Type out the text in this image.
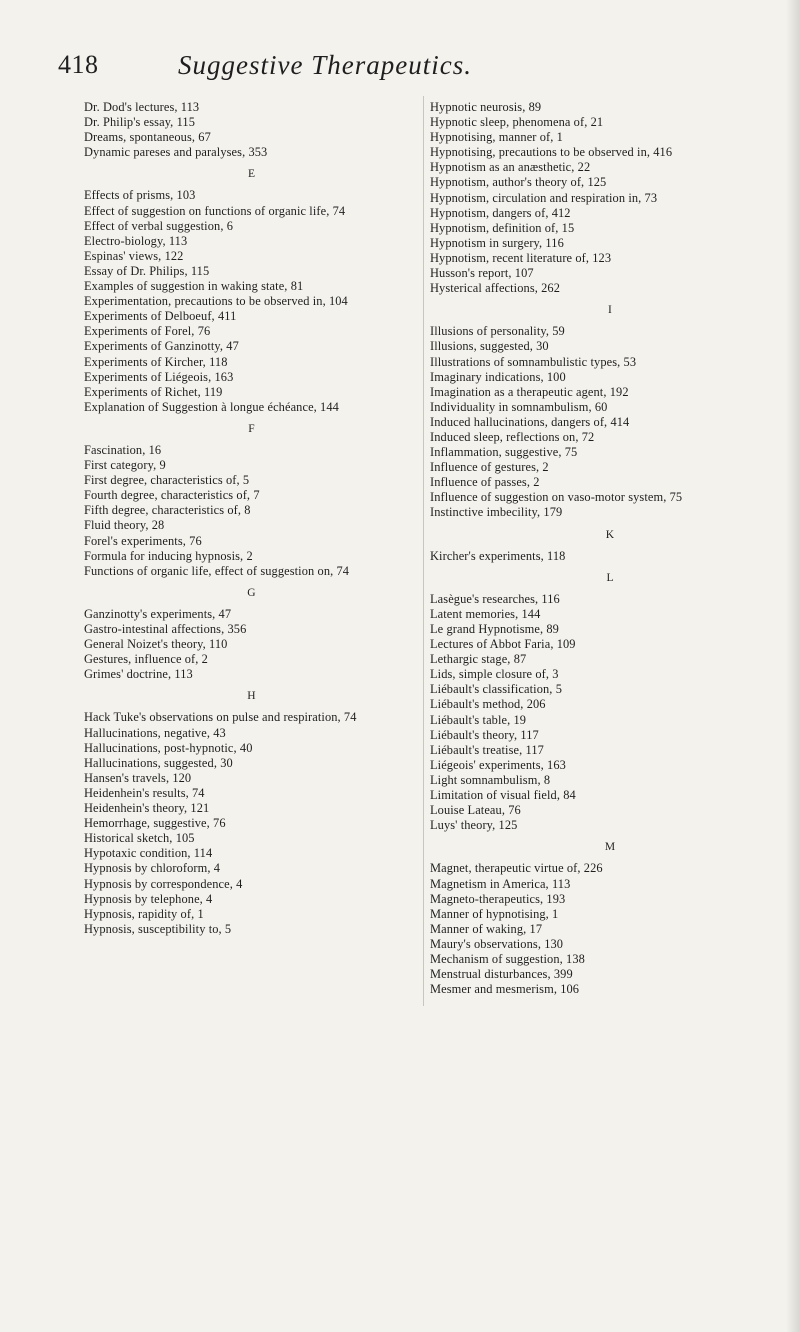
418	Suggestive Therapeutics.

Dr. Dod's lectures, 113

Dr. Philip's essay, 115

Dreams, spontaneous, 67

Dynamic pareses and paralyses, 353

E

Effects of prisms, 103

Effect of suggestion on functions of organic life, 74

Effect of verbal suggestion, 6

Electro-biology, 113

Espinas' views, 122

Essay of Dr. Philips, 115

Examples of suggestion in waking state, 81

Experimentation, precautions to be observed in, 104

Experiments of Delboeuf, 411

Experiments of Forel, 76

Experiments of Ganzinotty, 47

Experiments of Kircher, 118

Experiments of Liégeois, 163

Experiments of Richet, 119

Explanation of Suggestion à longue échéance, 144

F

Fascination, 16

First category, 9

First degree, characteristics of, 5

Fourth degree, characteristics of, 7

Fifth degree, characteristics of, 8

Fluid theory, 28

Forel's experiments, 76

Formula for inducing hypnosis, 2

Functions of organic life, effect of suggestion on, 74

G

Ganzinotty's experiments, 47

Gastro-intestinal affections, 356

General Noizet's theory, 110

Gestures, influence of, 2

Grimes' doctrine, 113

H

Hack Tuke's observations on pulse and respiration, 74

Hallucinations, negative, 43

Hallucinations, post-hypnotic, 40

Hallucinations, suggested, 30

Hansen's travels, 120

Heidenhein's results, 74

Heidenhein's theory, 121

Hemorrhage, suggestive, 76

Historical sketch, 105

Hypotaxic condition, 114

Hypnosis by chloroform, 4

Hypnosis by correspondence, 4

Hypnosis by telephone, 4

Hypnosis, rapidity of, 1

Hypnosis, susceptibility to, 5

Hypnotic neurosis, 89

Hypnotic sleep, phenomena of, 21

Hypnotising, manner of, 1

Hypnotising, precautions to be observed in, 416

Hypnotism as an anæsthetic, 22

Hypnotism, author's theory of, 125

Hypnotism, circulation and respiration in, 73

Hypnotism, dangers of, 412

Hypnotism, definition of, 15

Hypnotism in surgery, 116

Hypnotism, recent literature of, 123

Husson's report, 107

Hysterical affections, 262

I

Illusions of personality, 59

Illusions, suggested, 30

Illustrations of somnambulistic types, 53

Imaginary indications, 100

Imagination as a therapeutic agent, 192

Individuality in somnambulism, 60

Induced hallucinations, dangers of, 414

Induced sleep, reflections on, 72

Inflammation, suggestive, 75

Influence of gestures, 2

Influence of passes, 2

Influence of suggestion on vaso-motor system, 75

Instinctive imbecility, 179

K

Kircher's experiments, 118

L

Lasègue's researches, 116

Latent memories, 144

Le grand Hypnotisme, 89

Lectures of Abbot Faria, 109

Lethargic stage, 87

Lids, simple closure of, 3

Liébault's classification, 5

Liébault's method, 206

Liébault's table, 19

Liébault's theory, 117

Liébault's treatise, 117

Liégeois' experiments, 163

Light somnambulism, 8

Limitation of visual field, 84

Louise Lateau, 76

Luys' theory, 125

M

Magnet, therapeutic virtue of, 226

Magnetism in America, 113

Magneto-therapeutics, 193

Manner of hypnotising, 1

Manner of waking, 17

Maury's observations, 130

Mechanism of suggestion, 138

Menstrual disturbances, 399

Mesmer and mesmerism, 106
